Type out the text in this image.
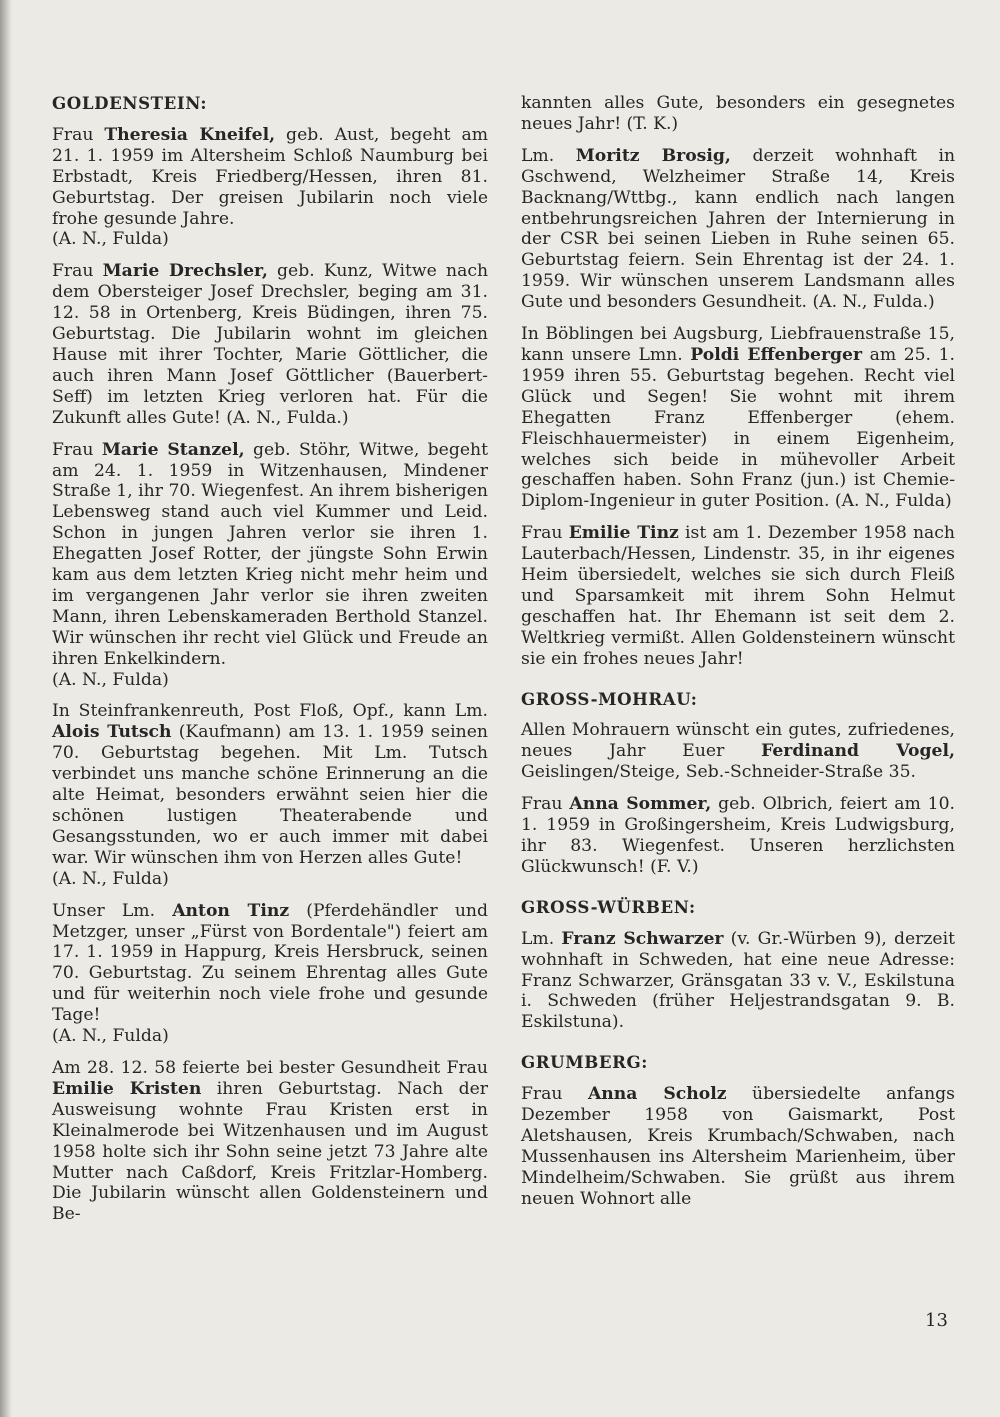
GOLDENSTEIN:

Frau Theresia Kneifel, geb. Aust, begeht am 21. 1. 1959 im Altersheim Schloß Naumburg bei Erbstadt, Kreis Friedberg/Hessen, ihren 81. Geburtstag. Der greisen Jubilarin noch viele frohe gesunde Jahre.

(A. N., Fulda)

Frau Marie Drechsler, geb. Kunz, Witwe nach dem Obersteiger Josef Drechsler, beging am 31. 12. 58 in Ortenberg, Kreis Büdingen, ihren 75. Geburtstag. Die Jubilarin wohnt im gleichen Hause mit ihrer Tochter, Marie Göttlicher, die auch ihren Mann Josef Göttlicher (Bauerbert-Seff) im letzten Krieg verloren hat. Für die Zukunft alles Gute! (A. N., Fulda.)

Frau Marie Stanzel, geb. Stöhr, Witwe, begeht am 24. 1. 1959 in Witzenhausen, Mindener Straße 1, ihr 70. Wiegenfest. An ihrem bisherigen Lebensweg stand auch viel Kummer und Leid. Schon in jungen Jahren verlor sie ihren 1. Ehegatten Josef Rotter, der jüngste Sohn Erwin kam aus dem letzten Krieg nicht mehr heim und im vergangenen Jahr verlor sie ihren zweiten Mann, ihren Lebenskameraden Berthold Stanzel. Wir wünschen ihr recht viel Glück und Freude an ihren Enkelkindern.

(A. N., Fulda)

In Steinfrankenreuth, Post Floß, Opf., kann Lm. Alois Tutsch (Kaufmann) am 13. 1. 1959 seinen 70. Geburtstag begehen. Mit Lm. Tutsch verbindet uns manche schöne Erinnerung an die alte Heimat, besonders erwähnt seien hier die schönen lustigen Theaterabende und Gesangsstunden, wo er auch immer mit dabei war. Wir wünschen ihm von Herzen alles Gute!

(A. N., Fulda)

Unser Lm. Anton Tinz (Pferdehändler und Metzger, unser „Fürst von Bordentale") feiert am 17. 1. 1959 in Happurg, Kreis Hersbruck, seinen 70. Geburtstag. Zu seinem Ehrentag alles Gute und für weiterhin noch viele frohe und gesunde Tage!

(A. N., Fulda)

Am 28. 12. 58 feierte bei bester Gesundheit Frau Emilie Kristen ihren Geburtstag. Nach der Ausweisung wohnte Frau Kristen erst in Kleinalmerode bei Witzenhausen und im August 1958 holte sich ihr Sohn seine jetzt 73 Jahre alte Mutter nach Caßdorf, Kreis Fritzlar-Homberg. Die Jubilarin wünscht allen Goldensteinern und Be-

kannten alles Gute, besonders ein gesegnetes neues Jahr! (T. K.)

Lm. Moritz Brosig, derzeit wohnhaft in Gschwend, Welzheimer Straße 14, Kreis Backnang/Wttbg., kann endlich nach langen entbehrungsreichen Jahren der Internierung in der CSR bei seinen Lieben in Ruhe seinen 65. Geburtstag feiern. Sein Ehrentag ist der 24. 1. 1959. Wir wünschen unserem Landsmann alles Gute und besonders Gesundheit. (A. N., Fulda.)

In Böblingen bei Augsburg, Liebfrauenstraße 15, kann unsere Lmn. Poldi Effenberger am 25. 1. 1959 ihren 55. Geburtstag begehen. Recht viel Glück und Segen! Sie wohnt mit ihrem Ehegatten Franz Effenberger (ehem. Fleischhauermeister) in einem Eigenheim, welches sich beide in mühevoller Arbeit geschaffen haben. Sohn Franz (jun.) ist Chemie-Diplom-Ingenieur in guter Position. (A. N., Fulda)

Frau Emilie Tinz ist am 1. Dezember 1958 nach Lauterbach/Hessen, Lindenstr. 35, in ihr eigenes Heim übersiedelt, welches sie sich durch Fleiß und Sparsamkeit mit ihrem Sohn Helmut geschaffen hat. Ihr Ehemann ist seit dem 2. Weltkrieg vermißt. Allen Goldensteinern wünscht sie ein frohes neues Jahr!

GROSS-MOHRAU:

Allen Mohrauern wünscht ein gutes, zufriedenes, neues Jahr Euer Ferdinand Vogel, Geislingen/Steige, Seb.-Schneider-Straße 35.

Frau Anna Sommer, geb. Olbrich, feiert am 10. 1. 1959 in Großingersheim, Kreis Ludwigsburg, ihr 83. Wiegenfest. Unseren herzlichsten Glückwunsch! (F. V.)

GROSS-WÜRBEN:

Lm. Franz Schwarzer (v. Gr.-Würben 9), derzeit wohnhaft in Schweden, hat eine neue Adresse: Franz Schwarzer, Gränsgatan 33 v. V., Eskilstuna i. Schweden (früher Heljestrandsgatan 9. B. Eskilstuna).

GRUMBERG:

Frau Anna Scholz übersiedelte anfangs Dezember 1958 von Gaismarkt, Post Aletshausen, Kreis Krumbach/Schwaben, nach Mussenhausen ins Altersheim Marienheim, über Mindelheim/Schwaben. Sie grüßt aus ihrem neuen Wohnort alle

13
